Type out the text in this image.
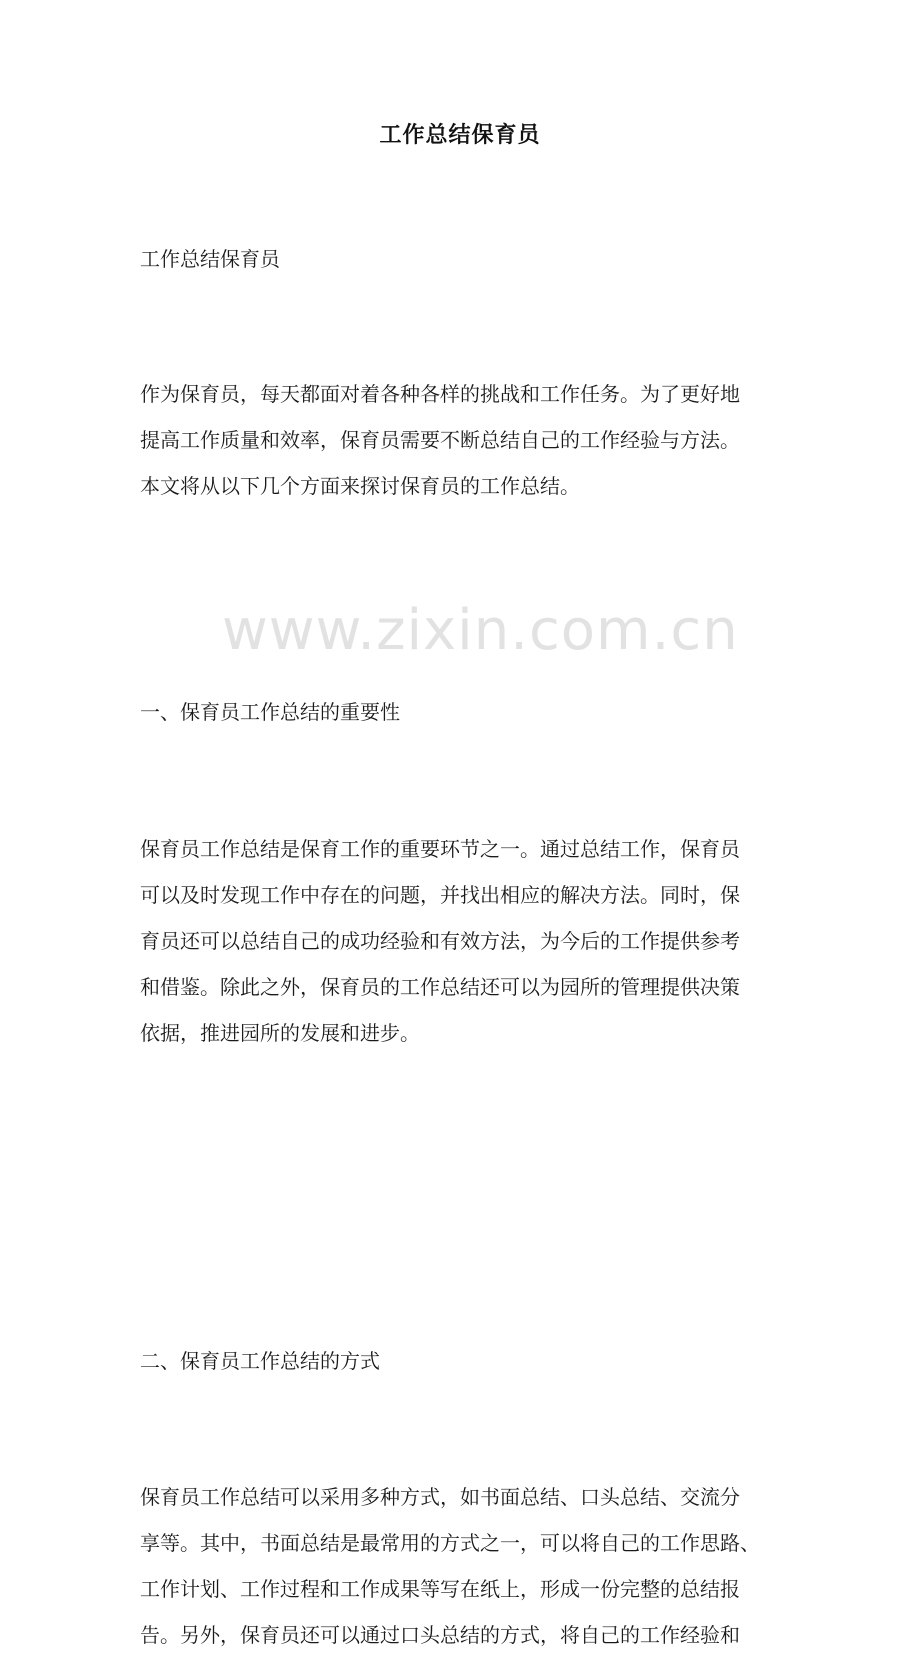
www.zixin.com.cn
工作总结保育员
工作总结保育员
作为保育员，每天都面对着各种各样的挑战和工作任务。为了更好地
提高工作质量和效率，保育员需要不断总结自己的工作经验与方法。
本文将从以下几个方面来探讨保育员的工作总结。
一、保育员工作总结的重要性
保育员工作总结是保育工作的重要环节之一。通过总结工作，保育员
可以及时发现工作中存在的问题，并找出相应的解决方法。同时，保
育员还可以总结自己的成功经验和有效方法，为今后的工作提供参考
和借鉴。除此之外，保育员的工作总结还可以为园所的管理提供决策
依据，推进园所的发展和进步。
二、保育员工作总结的方式
保育员工作总结可以采用多种方式，如书面总结、口头总结、交流分
享等。其中，书面总结是最常用的方式之一，可以将自己的工作思路、
工作计划、工作过程和工作成果等写在纸上，形成一份完整的总结报
告。另外，保育员还可以通过口头总结的方式，将自己的工作经验和
